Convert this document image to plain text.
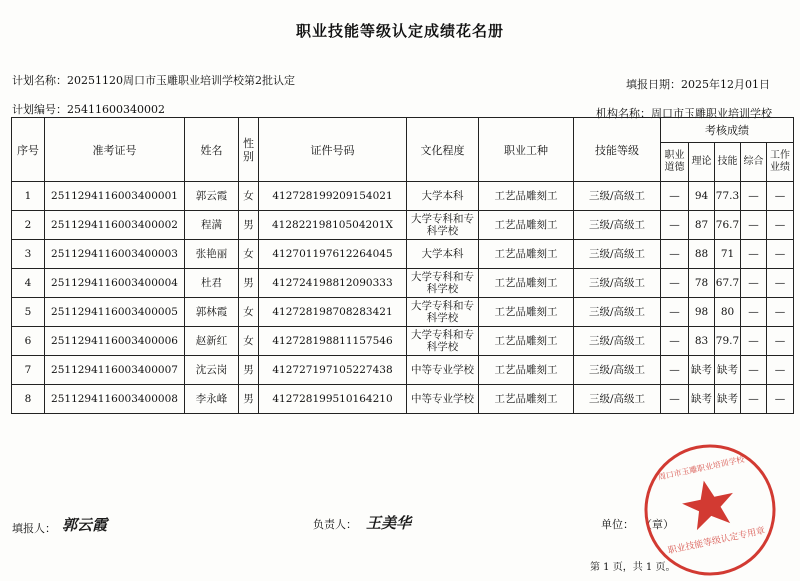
职业技能等级认定成绩花名册
计划名称：20251120周口市玉雕职业培训学校第2批认定	填报日期：2025年12月01日
计划编号：25411600340002	机构名称：周口市玉雕职业培训学校
序号	准考证号	姓名	性别	证件号码	文化程度	职业工种	技能等级	考核成绩				
								职业道德	理论	技能	综合	工作业绩
1	2511294116003400001	郭云霞	女	412728199209154021	大学本科	工艺品雕刻工	三级/高级工	—	94	77.3	—	—
2	2511294116003400002	程满	男	41282219810504201X	大学专科和专科学校	工艺品雕刻工	三级/高级工	—	87	76.7	—	—
3	2511294116003400003	张艳丽	女	412701197612264045	大学本科	工艺品雕刻工	三级/高级工	—	88	71	—	—
4	2511294116003400004	杜君	男	412724198812090333	大学专科和专科学校	工艺品雕刻工	三级/高级工	—	78	67.7	—	—
5	2511294116003400005	郭林霞	女	412728198708283421	大学专科和专科学校	工艺品雕刻工	三级/高级工	—	98	80	—	—
6	2511294116003400006	赵新红	女	412728198811157546	大学专科和专科学校	工艺品雕刻工	三级/高级工	—	83	79.7	—	—
7	2511294116003400007	沈云岗	男	412727197105227438	中等专业学校	工艺品雕刻工	三级/高级工	—	缺考	缺考	—	—
8	2511294116003400008	李永峰	男	412728199510164210	中等专业学校	工艺品雕刻工	三级/高级工	—	缺考	缺考	—	—
填报人： 郭云霞	负责人： 王美华	单位： （章）
职业技能等级认定专用章
周口市玉雕职业培训学校
第 1 页，共 1 页。
